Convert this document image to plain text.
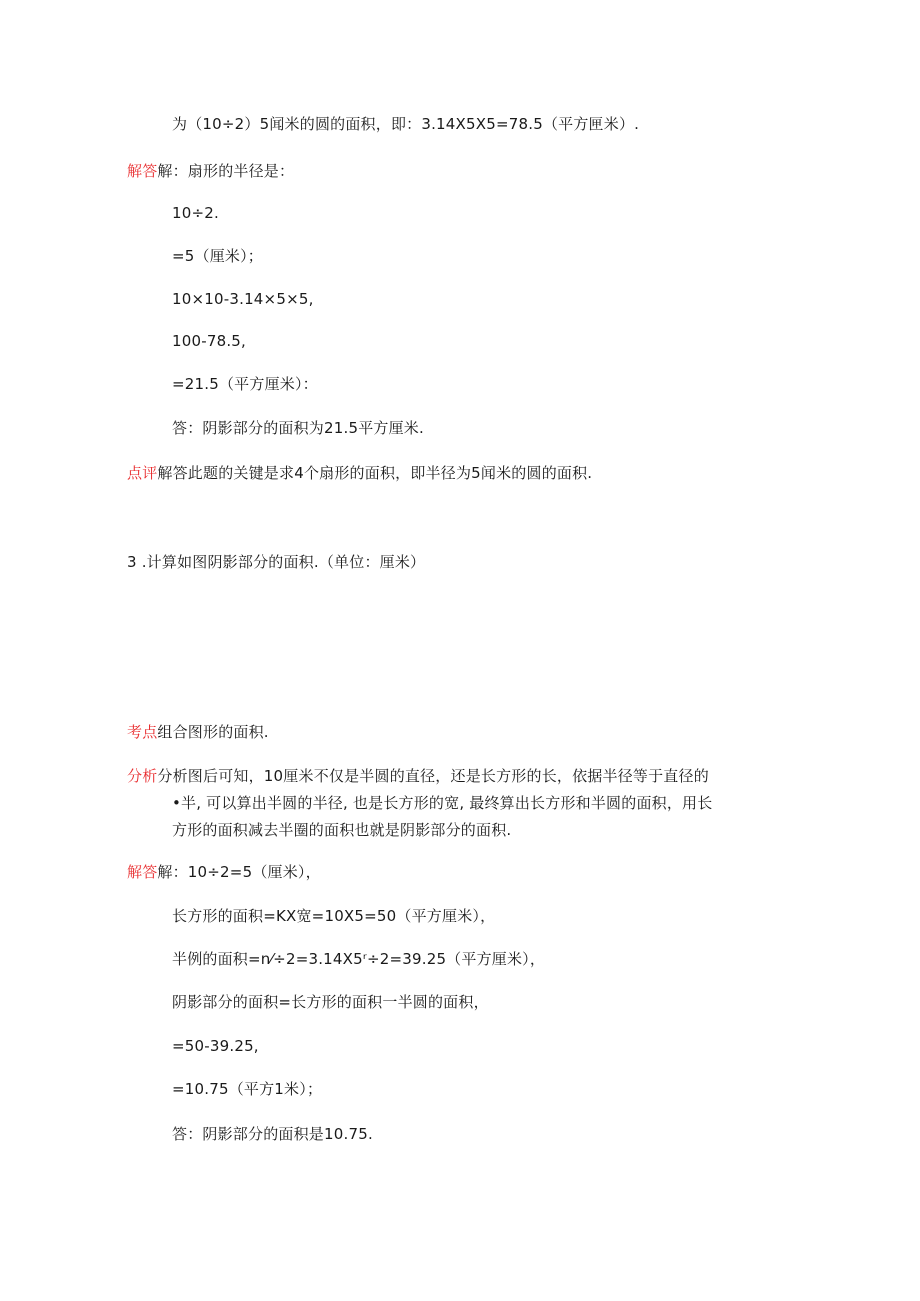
为（10÷2）5闻米的圆的面积，即：3.14X5X5=78.5（平方匣米）.
解答解：扇形的半径是：
10÷2.
=5（厘米）；
10×10-3.14×5×5,
100-78.5,
=21.5（平方厘米）：
答：阴影部分的面积为21.5平方厘米.
点评解答此题的关键是求4个扇形的面积，即半径为5闻米的圆的面积.
3 .计算如图阴影部分的面积.（单位：厘米）
考点组合图形的面积.
分析分析图后可知，10厘米不仅是半圆的直径，还是长方形的长，依据半径等于直径的
•半, 可以算出半圆的半径, 也是长方形的宽, 最终算出长方形和半圆的面积，用长
方形的面积减去半圈的面积也就是阴影部分的面积.
解答解：10÷2=5（厘米），
长方形的面积=KX宽=10X5=50（平方厘米），
半例的面积=n⁄÷2=3.14X5ʳ÷2=39.25（平方厘米），
阴影部分的面积=长方形的面积一半圆的面积，
=50-39.25,
=10.75（平方1米）；
答：阴影部分的面积是10.75.
